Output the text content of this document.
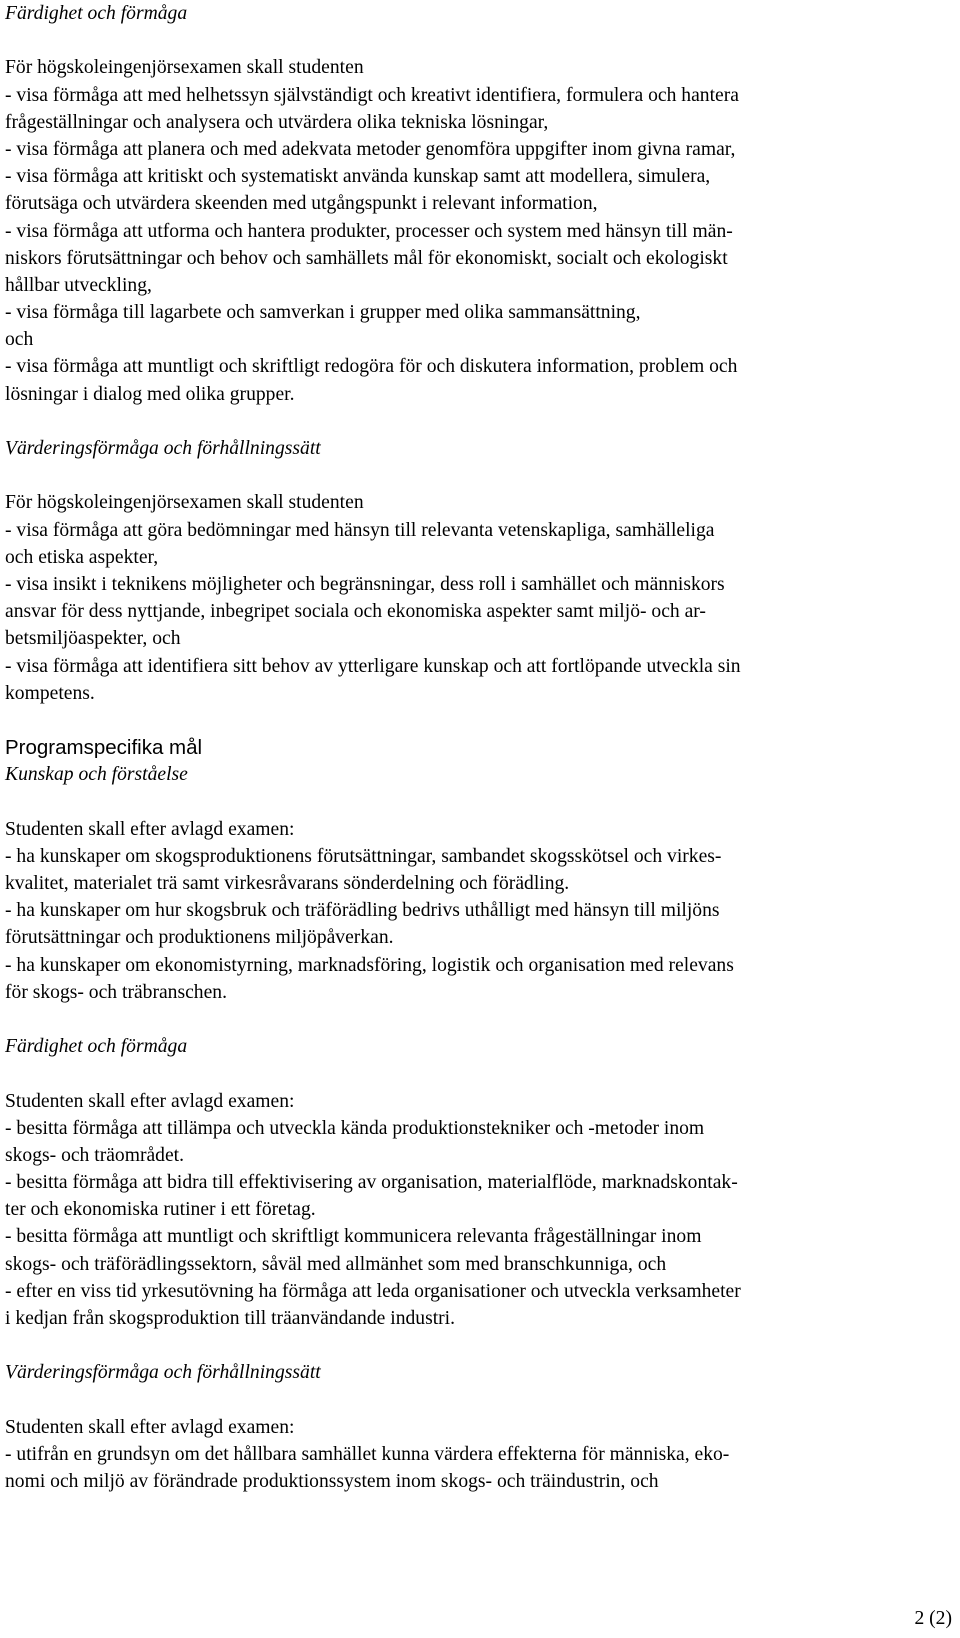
Färdighet och förmåga
För högskoleingenjörsexamen skall studenten
- visa förmåga att med helhetssyn självständigt och kreativt identifiera, formulera och hantera
frågeställningar och analysera och utvärdera olika tekniska lösningar,
- visa förmåga att planera och med adekvata metoder genomföra uppgifter inom givna ramar,
- visa förmåga att kritiskt och systematiskt använda kunskap samt att modellera, simulera,
förutsäga och utvärdera skeenden med utgångspunkt i relevant information,
- visa förmåga att utforma och hantera produkter, processer och system med hänsyn till män-
niskors förutsättningar och behov och samhällets mål för ekonomiskt, socialt och ekologiskt
hållbar utveckling,
- visa förmåga till lagarbete och samverkan i grupper med olika sammansättning,
och
- visa förmåga att muntligt och skriftligt redogöra för och diskutera information, problem och
lösningar i dialog med olika grupper.
Värderingsförmåga och förhållningssätt
För högskoleingenjörsexamen skall studenten
- visa förmåga att göra bedömningar med hänsyn till relevanta vetenskapliga, samhälleliga
och etiska aspekter,
- visa insikt i teknikens möjligheter och begränsningar, dess roll i samhället och människors
ansvar för dess nyttjande, inbegripet sociala och ekonomiska aspekter samt miljö- och ar-
betsmiljöaspekter, och
- visa förmåga att identifiera sitt behov av ytterligare kunskap och att fortlöpande utveckla sin
kompetens.
Programspecifika mål
Kunskap och förståelse
Studenten skall efter avlagd examen:
- ha kunskaper om skogsproduktionens förutsättningar, sambandet skogsskötsel och virkes-
kvalitet, materialet trä samt virkesråvarans sönderdelning och förädling.
- ha kunskaper om hur skogsbruk och träförädling bedrivs uthålligt med hänsyn till miljöns
förutsättningar och produktionens miljöpåverkan.
- ha kunskaper om ekonomistyrning, marknadsföring, logistik och organisation med relevans
för skogs- och träbranschen.
Färdighet och förmåga
Studenten skall efter avlagd examen:
- besitta förmåga att tillämpa och utveckla kända produktionstekniker och -metoder inom
skogs- och träområdet.
- besitta förmåga att bidra till effektivisering av organisation, materialflöde, marknadskontak-
ter och ekonomiska rutiner i ett företag.
- besitta förmåga att muntligt och skriftligt kommunicera relevanta frågeställningar inom
skogs- och träförädlingssektorn, såväl med allmänhet som med branschkunniga, och
- efter en viss tid yrkesutövning ha förmåga att leda organisationer och utveckla verksamheter
i kedjan från skogsproduktion till träanvändande industri.
Värderingsförmåga och förhållningssätt
Studenten skall efter avlagd examen:
- utifrån en grundsyn om det hållbara samhället kunna värdera effekterna för människa, eko-
nomi och miljö av förändrade produktionssystem inom skogs- och träindustrin, och
2 (2)
